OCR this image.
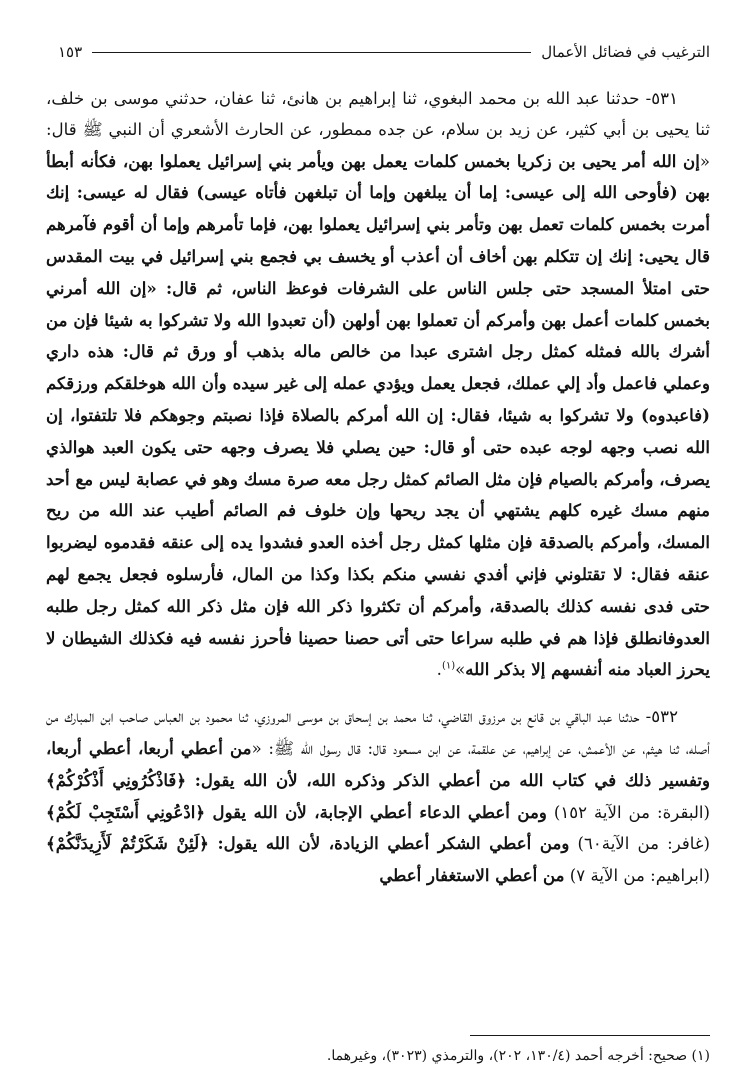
الترغيب في فضائل الأعمال
١٥٣

٥٣١- حدثنا عبد الله بن محمد البغوي، ثنا إبراهيم بن هانئ، ثنا عفان، حدثني موسى بن خلف، ثنا يحيى بن أبي كثير، عن زيد بن سلام، عن جده ممطور، عن الحارث الأشعري أن النبي ﷺ قال: «إن الله أمر يحيى بن زكريا بخمس كلمات يعمل بهن ويأمر بني إسرائيل يعملوا بهن، فكأنه أبطأ بهن (فأوحى الله إلى عيسى: إما أن يبلغهن وإما أن تبلغهن فأتاه عيسى) فقال له عيسى: إنك أمرت بخمس كلمات تعمل بهن وتأمر بني إسرائيل يعملوا بهن، فإما تأمرهم وإما أن أقوم فآمرهم قال يحيى: إنك إن تتكلم بهن أخاف أن أعذب أو يخسف بي فجمع بني إسرائيل في بيت المقدس حتى امتلأ المسجد حتى جلس الناس على الشرفات فوعظ الناس، ثم قال: «إن الله أمرني بخمس كلمات أعمل بهن وأمركم أن تعملوا بهن أولهن (أن تعبدوا الله ولا تشركوا به شيئا فإن من أشرك بالله فمثله كمثل رجل اشترى عبدا من خالص ماله بذهب أو ورق ثم قال: هذه داري وعملي فاعمل وأد إلي عملك، فجعل يعمل ويؤدي عمله إلى غير سيده وأن الله هوخلقكم ورزقكم (فاعبدوه) ولا تشركوا به شيئا، فقال: إن الله أمركم بالصلاة فإذا نصبتم وجوهكم فلا تلتفتوا، إن الله نصب وجهه لوجه عبده حتى أو قال: حين يصلي فلا يصرف وجهه حتى يكون العبد هوالذي يصرف، وأمركم بالصيام فإن مثل الصائم كمثل رجل معه صرة مسك وهو في عصابة ليس مع أحد منهم مسك غيره كلهم يشتهي أن يجد ريحها وإن خلوف فم الصائم أطيب عند الله من ريح المسك، وأمركم بالصدقة فإن مثلها كمثل رجل أخذه العدو فشدوا يده إلى عنقه فقدموه ليضربوا عنقه فقال: لا تقتلوني فإني أفدي نفسي منكم بكذا وكذا من المال، فأرسلوه فجعل يجمع لهم حتى فدى نفسه كذلك بالصدقة، وأمركم أن تكثروا ذكر الله فإن مثل ذكر الله كمثل رجل طلبه العدوفانطلق فإذا هم في طلبه سراعا حتى أتى حصنا حصينا فأحرز نفسه فيه فكذلك الشيطان لا يحرز العباد منه أنفسهم إلا بذكر الله»$^{(١)}$.

٥٣٢- حدثنا عبد الباقي بن قانع بن مرزوق القاضي، ثنا محمد بن إسحاق بن موسى المروزي، ثنا محمود بن العباس صاحب ابن المبارك من أصله، ثنا هيثم، عن الأعمش، عن إبراهيم، عن علقمة، عن ابن مسعود قال: قال رسول الله ﷺ: «من أعطي أربعا، أعطي أربعا، وتفسير ذلك في كتاب الله من أعطي الذكر وذكره الله، لأن الله يقول: ﴿فَاذْكُرُونِي أَذْكُرْكُمْ﴾ (البقرة: من الآية ١٥٢) ومن أعطي الدعاء أعطي الإجابة، لأن الله يقول ﴿ادْعُونِي أَسْتَجِبْ لَكُمْ﴾ (غافر: من الآية٦٠) ومن أعطي الشكر أعطي الزيادة، لأن الله يقول: ﴿لَئِنْ شَكَرْتُمْ لَأَزِيدَنَّكُمْ﴾ (ابراهيم: من الآية ٧) من أعطي الاستغفار أعطي

(١) صحيح: أخرجه أحمد (١٣٠/٤، ٢٠٢)، والترمذي (٣٠٢٣)، وغيرهما.
